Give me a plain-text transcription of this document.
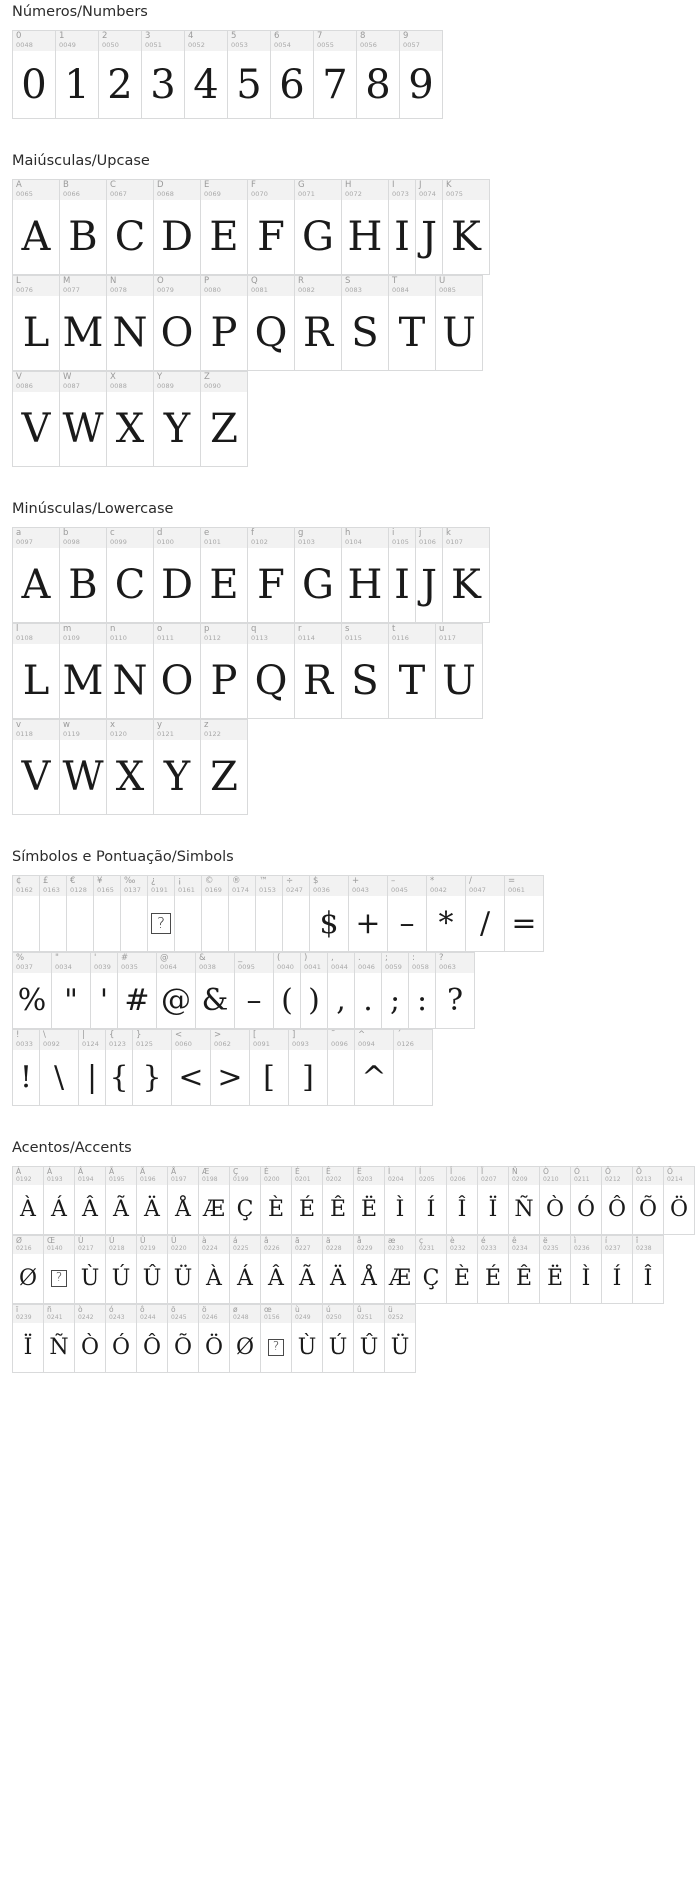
Números/Numbers
0
0048
0
1
0049
1
2
0050
2
3
0051
3
4
0052
4
5
0053
5
6
0054
6
7
0055
7
8
0056
8
9
0057
9
Maiúsculas/Upcase
A
0065
A
B
0066
B
C
0067
C
D
0068
D
E
0069
E
F
0070
F
G
0071
G
H
0072
H
I
0073
I
J
0074
J
K
0075
K
L
0076
L
M
0077
M
N
0078
N
O
0079
O
P
0080
P
Q
0081
Q
R
0082
R
S
0083
S
T
0084
T
U
0085
U
V
0086
V
W
0087
W
X
0088
X
Y
0089
Y
Z
0090
Z
Minúsculas/Lowercase
a
0097
A
b
0098
B
c
0099
C
d
0100
D
e
0101
E
f
0102
F
g
0103
G
h
0104
H
i
0105
I
j
0106
J
k
0107
K
l
0108
L
m
0109
M
n
0110
N
o
0111
O
p
0112
P
q
0113
Q
r
0114
R
s
0115
S
t
0116
T
u
0117
U
v
0118
V
w
0119
W
x
0120
X
y
0121
Y
z
0122
Z
Símbolos e Pontuação/Simbols
¢
0162
£
0163
€
0128
¥
0165
‰
0137
¿
0191
?
¡
0161
©
0169
®
0174
™
0153
÷
0247
$
0036
$
+
0043
+
–
0045
–
*
0042
*
/
0047
/
=
0061
=
%
0037
%
"
0034
"
'
0039
'
#
0035
#
@
0064
@
&
0038
&
_
0095
–
(
0040
(
)
0041
)
,
0044
,
.
0046
.
;
0059
;
:
0058
:
?
0063
?
!
0033
!
\
0092
\
|
0124
|
{
0123
{
}
0125
}
<
0060
<
>
0062
>
[
0091
[
]
0093
]
˜
0096
^
0094
^
´
0126
Acentos/Accents
À
0192
À
Á
0193
Á
Â
0194
Â
Ã
0195
Ã
Ä
0196
Ä
Å
0197
Å
Æ
0198
Æ
Ç
0199
Ç
È
0200
È
É
0201
É
Ê
0202
Ê
Ë
0203
Ë
Ì
0204
Ì
Í
0205
Í
Î
0206
Î
Ï
0207
Ï
Ñ
0209
Ñ
Ò
0210
Ò
Ó
0211
Ó
Ô
0212
Ô
Õ
0213
Õ
Ö
0214
Ö
Ø
0216
Ø
Œ
0140
?
Ù
0217
Ù
Ú
0218
Ú
Û
0219
Û
Ü
0220
Ü
à
0224
À
á
0225
Á
â
0226
Â
ã
0227
Ã
ä
0228
Ä
å
0229
Å
æ
0230
Æ
ç
0231
Ç
è
0232
È
é
0233
É
ê
0234
Ê
ë
0235
Ë
ì
0236
Ì
í
0237
Í
î
0238
Î
ï
0239
Ï
ñ
0241
Ñ
ò
0242
Ò
ó
0243
Ó
ô
0244
Ô
õ
0245
Õ
ö
0246
Ö
ø
0248
Ø
œ
0156
?
ù
0249
Ù
ú
0250
Ú
û
0251
Û
ü
0252
Ü
